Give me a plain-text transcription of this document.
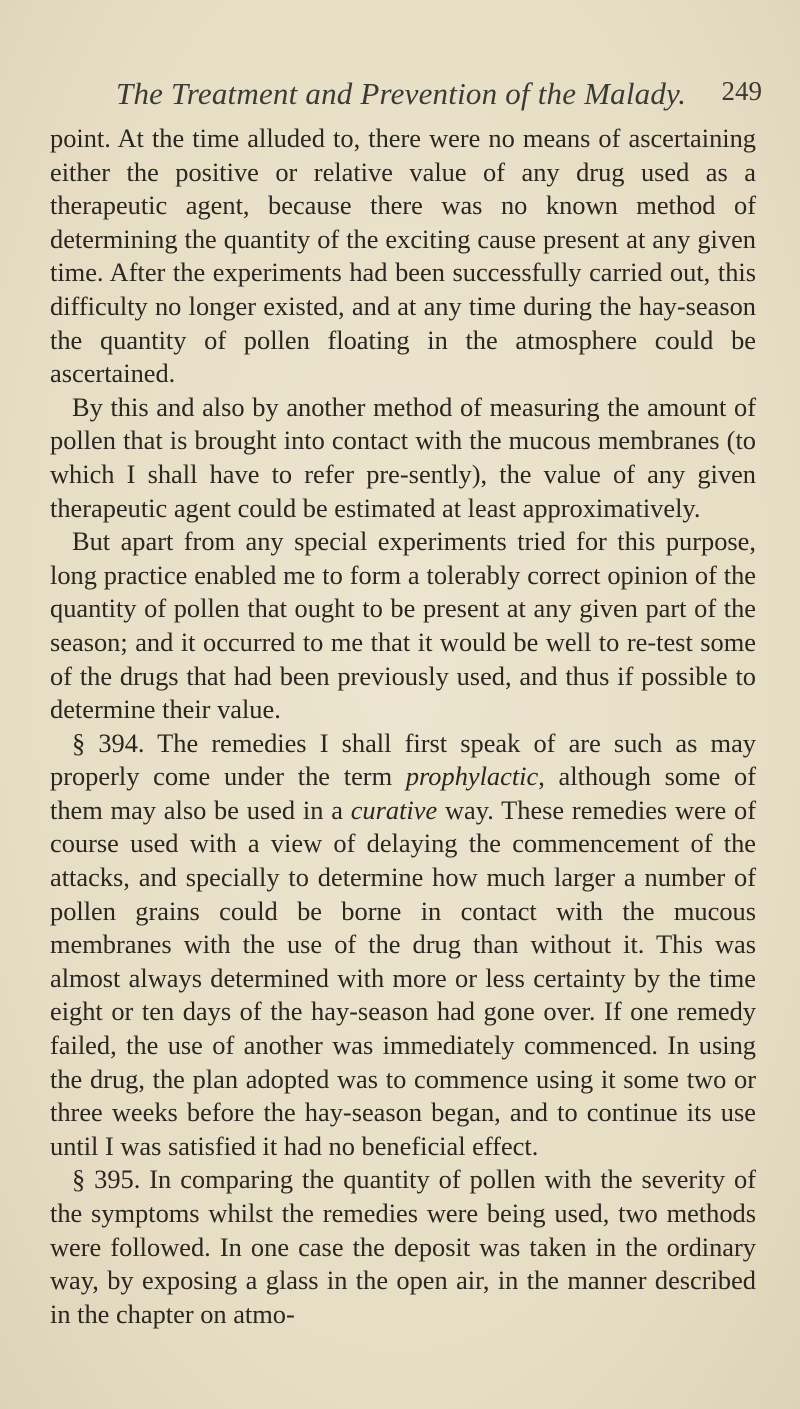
The Treatment and Prevention of the Malady. 249

point. At the time alluded to, there were no means of ascertaining either the positive or relative value of any drug used as a therapeutic agent, because there was no known method of determining the quantity of the exciting cause present at any given time. After the experiments had been successfully carried out, this difficulty no longer existed, and at any time during the hay-season the quantity of pollen floating in the atmosphere could be ascertained.

By this and also by another method of measuring the amount of pollen that is brought into contact with the mucous membranes (to which I shall have to refer pre-sently), the value of any given therapeutic agent could be estimated at least approximatively.

But apart from any special experiments tried for this purpose, long practice enabled me to form a tolerably correct opinion of the quantity of pollen that ought to be present at any given part of the season; and it occurred to me that it would be well to re-test some of the drugs that had been previously used, and thus if possible to determine their value.

§ 394. The remedies I shall first speak of are such as may properly come under the term prophylactic, although some of them may also be used in a curative way. These remedies were of course used with a view of delaying the commencement of the attacks, and specially to determine how much larger a number of pollen grains could be borne in contact with the mucous membranes with the use of the drug than without it. This was almost always determined with more or less certainty by the time eight or ten days of the hay-season had gone over. If one remedy failed, the use of another was immediately commenced. In using the drug, the plan adopted was to commence using it some two or three weeks before the hay-season began, and to continue its use until I was satisfied it had no beneficial effect.

§ 395. In comparing the quantity of pollen with the severity of the symptoms whilst the remedies were being used, two methods were followed. In one case the deposit was taken in the ordinary way, by exposing a glass in the open air, in the manner described in the chapter on atmo-
